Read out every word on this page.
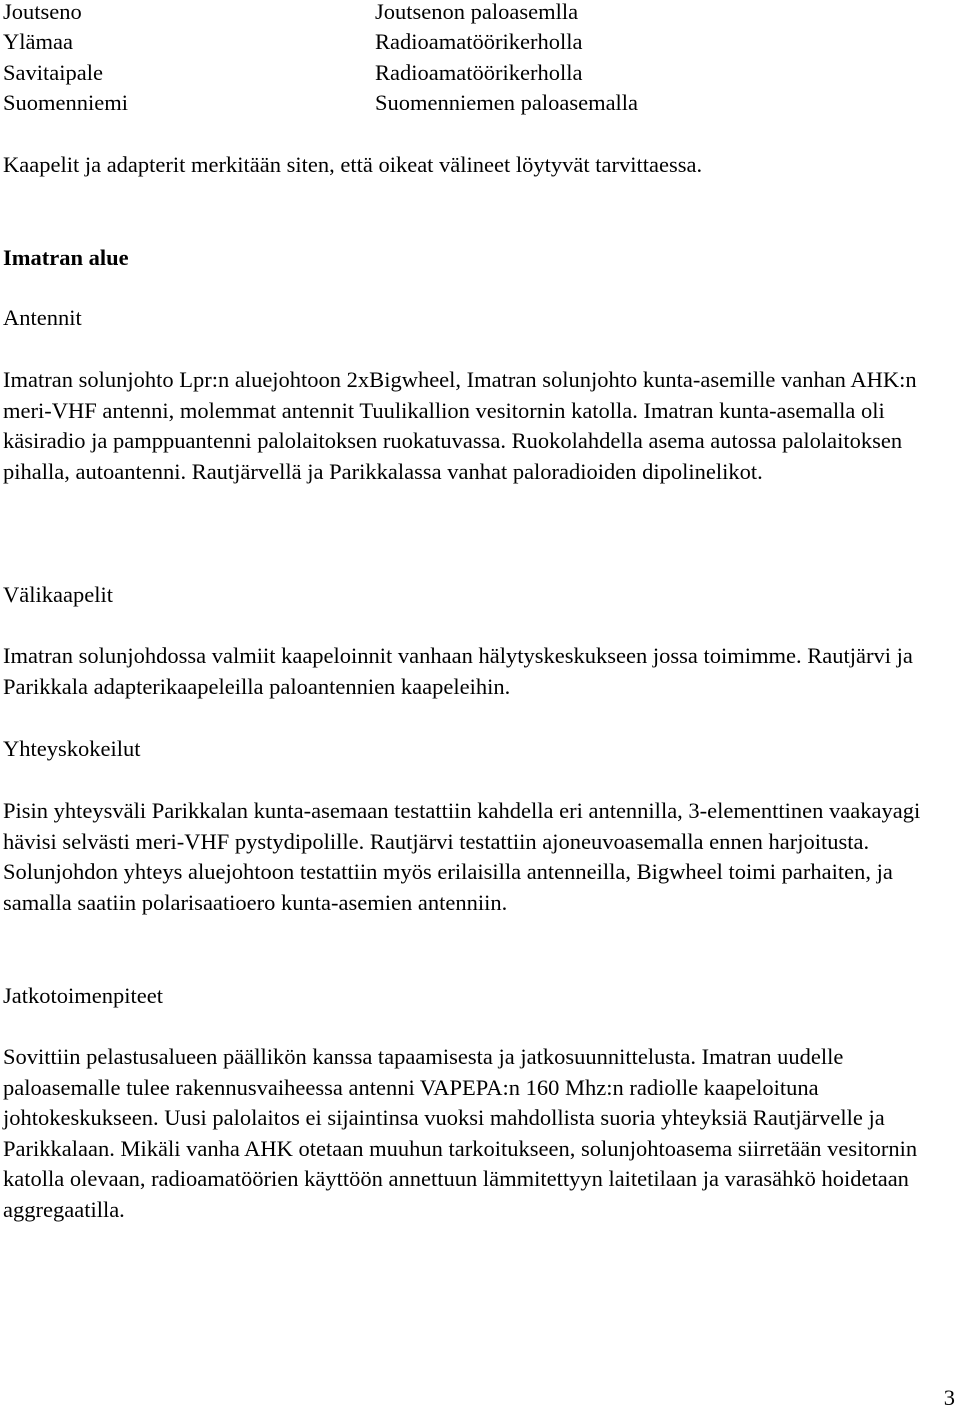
Joutseno	Joutsenon paloasemlla
Ylämaa	Radioamatöörikerholla
Savitaipale	Radioamatöörikerholla
Suomenniemi	Suomenniemen paloasemalla

Kaapelit ja adapterit merkitään siten, että oikeat välineet löytyvät tarvittaessa.

Imatran alue

Antennit

Imatran solunjohto Lpr:n aluejohtoon 2xBigwheel, Imatran solunjohto kunta-asemille vanhan AHK:n meri-VHF antenni, molemmat antennit Tuulikallion vesitornin katolla. Imatran kunta-asemalla oli käsiradio ja pamppuantenni palolaitoksen ruokatuvassa. Ruokolahdella asema autossa palolaitoksen pihalla, autoantenni. Rautjärvellä ja Parikkalassa vanhat paloradioiden dipolinelikot.

Välikaapelit

Imatran solunjohdossa valmiit kaapeloinnit vanhaan hälytyskeskukseen jossa toimimme. Rautjärvi ja Parikkala adapterikaapeleilla paloantennien kaapeleihin.

Yhteyskokeilut

Pisin yhteysväli Parikkalan kunta-asemaan testattiin kahdella eri antennilla, 3-elementtinen vaakayagi hävisi selvästi meri-VHF pystydipolille. Rautjärvi testattiin ajoneuvoasemalla ennen harjoitusta. Solunjohdon yhteys aluejohtoon testattiin myös erilaisilla antenneilla, Bigwheel toimi parhaiten, ja samalla saatiin polarisaatioero kunta-asemien antenniin.

Jatkotoimenpiteet

Sovittiin pelastusalueen päällikön kanssa tapaamisesta ja jatkosuunnittelusta. Imatran uudelle paloasemalle tulee rakennusvaiheessa antenni VAPEPA:n 160 Mhz:n radiolle kaapeloituna johtokeskukseen. Uusi palolaitos ei sijaintinsa vuoksi mahdollista suoria yhteyksiä Rautjärvelle ja Parikkalaan. Mikäli vanha AHK otetaan muuhun tarkoitukseen, solunjohtoasema siirretään vesitornin katolla olevaan, radioamatöörien käyttöön annettuun lämmitettyyn laitetilaan ja varasähkö hoidetaan aggregaatilla.

3
